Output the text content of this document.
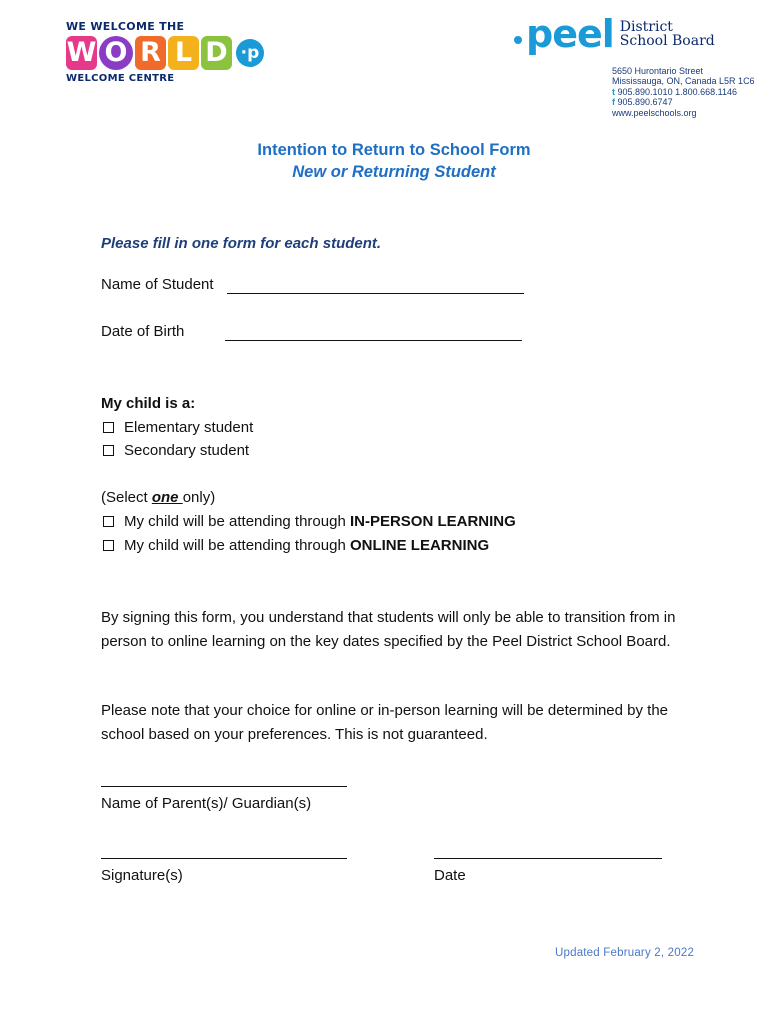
WE WELCOME THE
W O R L D ·p
WELCOME CENTRE
peel District
School Board
5650 Hurontario Street
Mississauga, ON, Canada L5R 1C6
t 905.890.1010 1.800.668.1146
f 905.890.6747
www.peelschools.org
Intention to Return to School Form
New or Returning Student
Please fill in one form for each student.
Name of Student
Date of Birth
My child is a:
Elementary student
Secondary student
(Select one only)
My child will be attending through IN-PERSON LEARNING
My child will be attending through ONLINE LEARNING
By signing this form, you understand that students will only be able to transition from in person to online learning on the key dates specified by the Peel District School Board.
Please note that your choice for online or in-person learning will be determined by the school based on your preferences. This is not guaranteed.
Name of Parent(s)/ Guardian(s)
Signature(s)	Date
Updated February 2, 2022
